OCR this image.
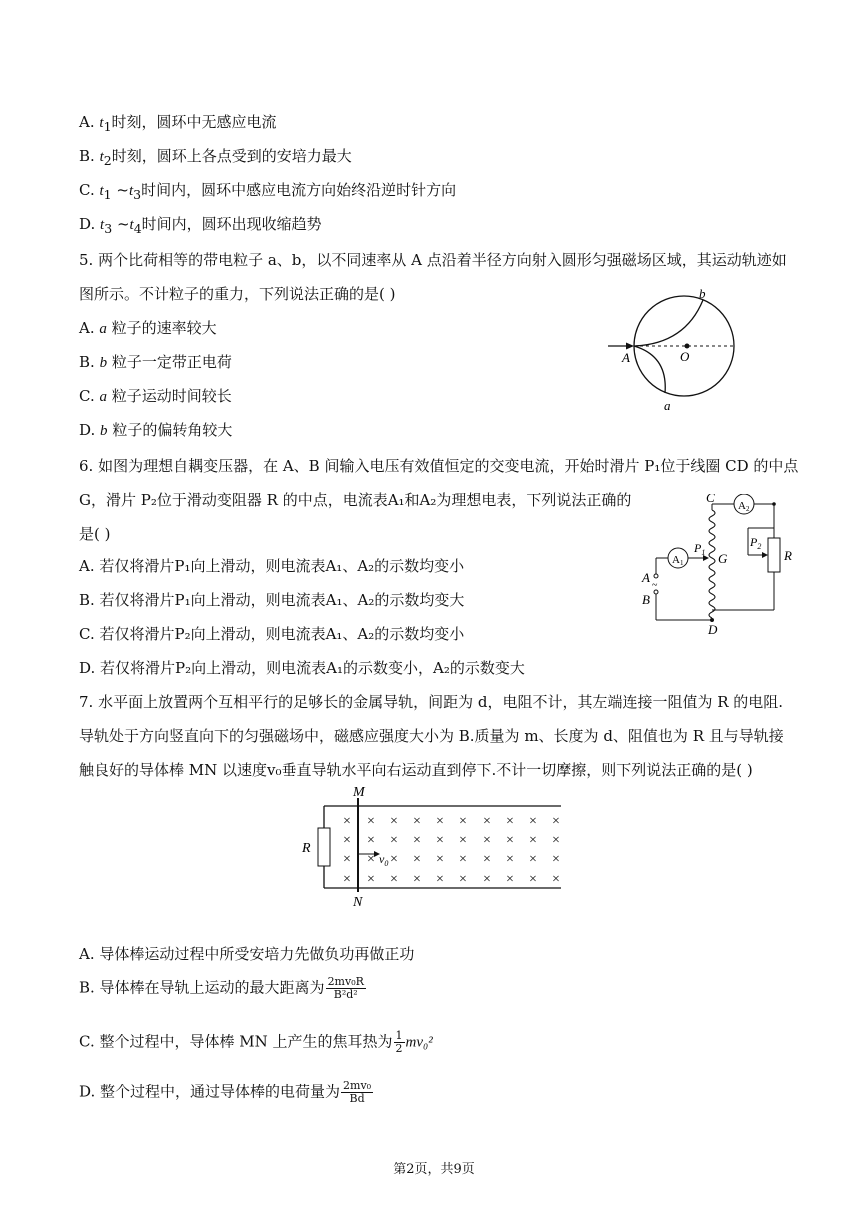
A. $t_1$时刻，圆环中无感应电流
B. $t_2$时刻，圆环上各点受到的安培力最大
C. $t_1$ $\sim t_3$时间内，圆环中感应电流方向始终沿逆时针方向
D. $t_3$ $\sim t_4$时间内，圆环出现收缩趋势
5. 两个比荷相等的带电粒子 a、b，以不同速率从 A 点沿着半径方向射入圆形匀强磁场区域，其运动轨迹如
图所示。不计粒子的重力，下列说法正确的是( )
A. a 粒子的速率较大
B. b 粒子一定带正电荷
C. a 粒子运动时间较长
D. b 粒子的偏转角较大
A	O
b
a
6. 如图为理想自耦变压器，在 A、B 间输入电压有效值恒定的交变电流，开始时滑片 P₁位于线圈 CD 的中点
G，滑片 P₂位于滑动变阻器 R 的中点，电流表A₁和A₂为理想电表，下列说法正确的
是( )
A. 若仅将滑片P₁向上滑动，则电流表A₁、A₂的示数均变小
B. 若仅将滑片P₁向上滑动，则电流表A₁、A₂的示数均变大
C. 若仅将滑片P₂向上滑动，则电流表A₁、A₂的示数均变小
D. 若仅将滑片P₂向上滑动，则电流表A₁的示数变小，A₂的示数变大
A2
R
$P_2$
A1
$P_1$ G
~
A
B
C
D
7. 水平面上放置两个互相平行的足够长的金属导轨，间距为 d，电阻不计，其左端连接一阻值为 R 的电阻.
导轨处于方向竖直向下的匀强磁场中，磁感应强度大小为 B.质量为 m、长度为 d、阻值也为 R 且与导轨接
触良好的导体棒 MN 以速度v₀垂直导轨水平向右运动直到停下.不计一切摩擦，则下列说法正确的是( )
R
M
N
$v_0$
× × × × × × × × × ×
× × × × × × × × × ×
×	× × × × × × × ×
× × × × × × × × × ×
×
A. 导体棒运动过程中所受安培力先做负功再做正功
B. 导体棒在导轨上运动的最大距离为 $\frac{\text{2mv₀R}}{\text{B²d²}}$
C. 整个过程中，导体棒 MN 上产生的焦耳热为 $\frac{1}{2} mv_0^2$
D. 整个过程中，通过导体棒的电荷量为 $\frac{\text{2mv₀}}{Bd}$
第2页，共9页
